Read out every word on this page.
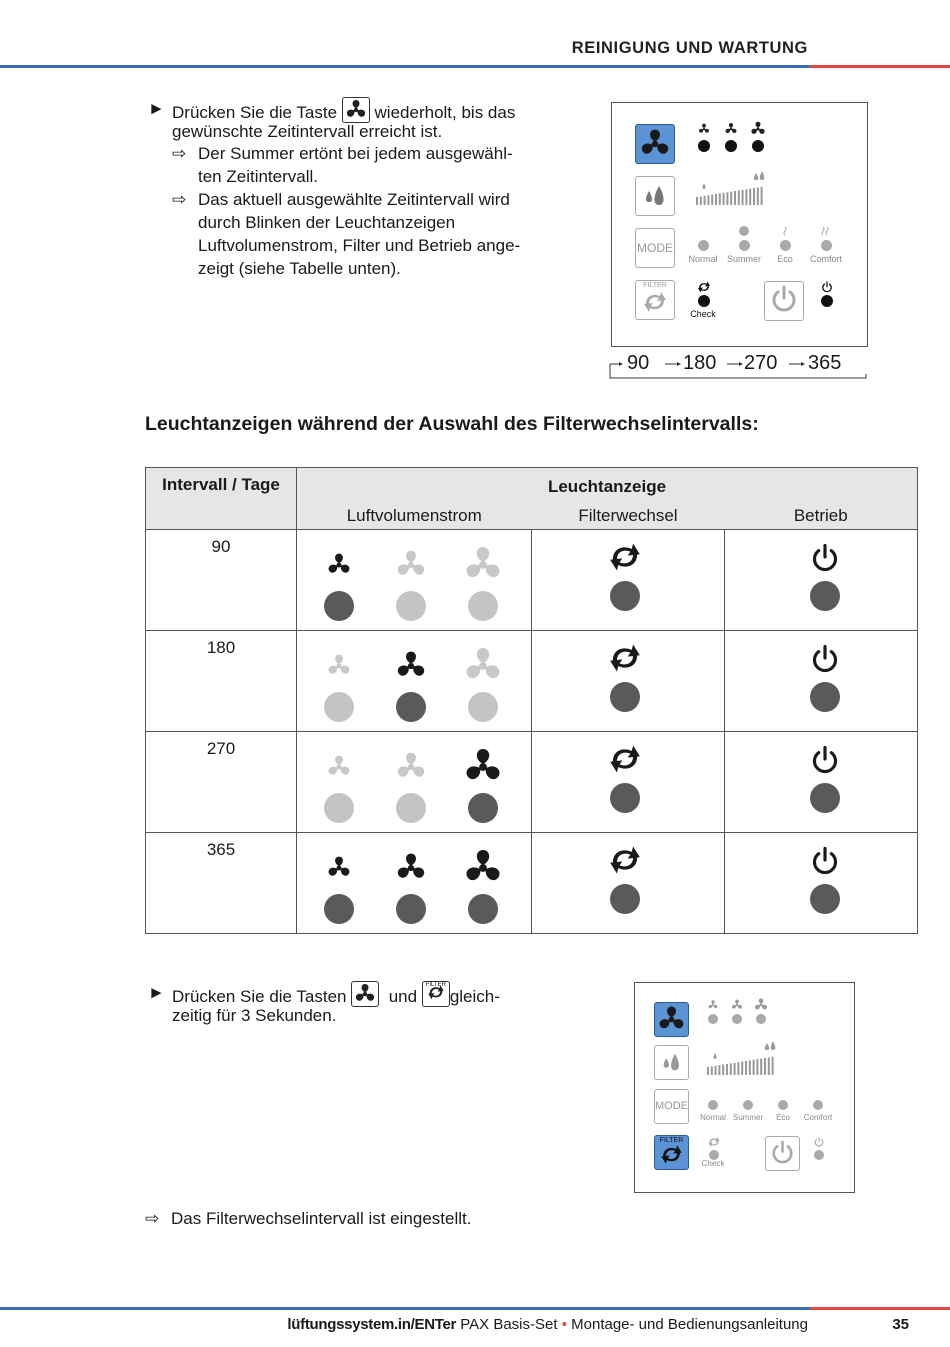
REINIGUNG UND WARTUNG
► Drücken Sie die Taste wiederholt, bis das
gewünschte Zeitintervall erreicht ist.
⇨ Der Summer ertönt bei jedem ausgewähl-
ten Zeitintervall.
⇨ Das aktuell ausgewählte Zeitintervall wird
durch Blinken der Leuchtanzeigen
Luftvolumenstrom, Filter und Betrieb ange-
zeigt (siehe Tabelle unten).
MODE
Normal	Summer	Eco	Comfort
FILTER
Check
90 180 270 365
Leuchtanzeigen während der Auswahl des Filterwechselintervalls:
Intervall / Tage	Leuchtanzeige		
	Luftvolumenstrom	Filterwechsel	Betrieb

90

180

270

365

► Drücken Sie die Tasten und
FILTER
gleich-
zeitig für 3 Sekunden.
MODE
Normal Summer	Eco	Comfort
FILTER
Check
⇨ Das Filterwechselintervall ist eingestellt.
lüftungssystem.in/ENTer PAX Basis-Set • Montage- und Bedienungsanleitung	35
